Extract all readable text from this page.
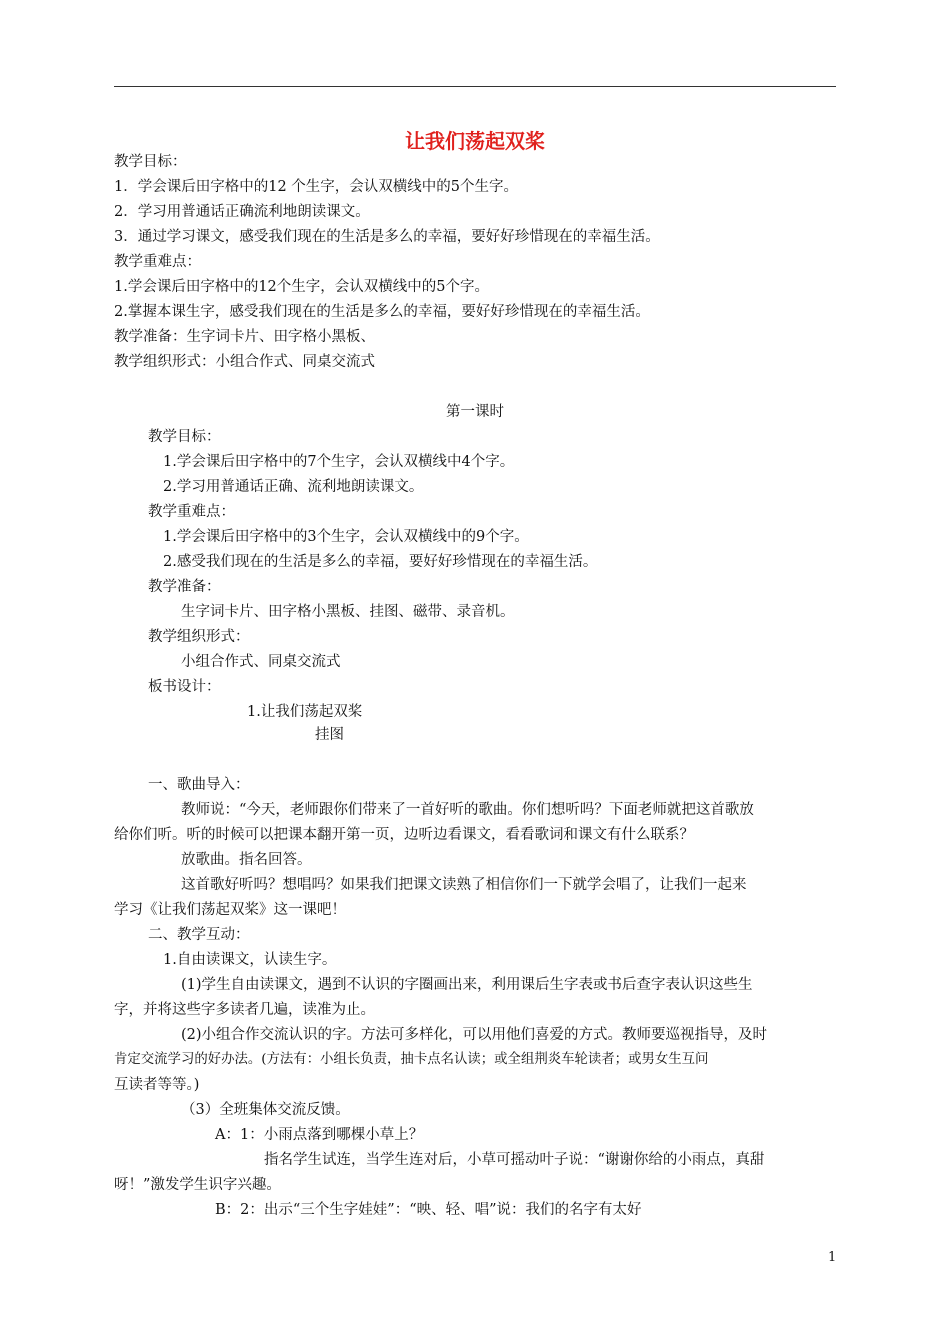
让我们荡起双桨
教学目标：
1．学会课后田字格中的12 个生字，会认双横线中的5个生字。
2．学习用普通话正确流利地朗读课文。
3．通过学习课文，感受我们现在的生活是多么的幸福，要好好珍惜现在的幸福生活。
教学重难点：
1.学会课后田字格中的12个生字，会认双横线中的5个字。
2.掌握本课生字，感受我们现在的生活是多么的幸福，要好好珍惜现在的幸福生活。
教学准备：生字词卡片、田字格小黑板、
教学组织形式：小组合作式、同桌交流式
第一课时
教学目标：
1.学会课后田字格中的7个生字，会认双横线中4个字。
2.学习用普通话正确、流利地朗读课文。
教学重难点：
1.学会课后田字格中的3个生字，会认双横线中的9个字。
2.感受我们现在的生活是多么的幸福，要好好珍惜现在的幸福生活。
教学准备：
生字词卡片、田字格小黑板、挂图、磁带、录音机。
教学组织形式：
小组合作式、同桌交流式
板书设计：
1.让我们荡起双桨
挂图
一、歌曲导入：
教师说：“今天，老师跟你们带来了一首好听的歌曲。你们想听吗？下面老师就把这首歌放
给你们听。听的时候可以把课本翻开第一页，边听边看课文，看看歌词和课文有什么联系？
放歌曲。指名回答。
这首歌好听吗？想唱吗？如果我们把课文读熟了相信你们一下就学会唱了，让我们一起来
学习《让我们荡起双桨》这一课吧！
二、教学互动：
1.自由读课文，认读生字。
(1)学生自由读课文，遇到不认识的字圈画出来，利用课后生字表或书后查字表认识这些生
字，并将这些字多读者几遍，读准为止。
(2)小组合作交流认识的字。方法可多样化，可以用他们喜爱的方式。教师要巡视指导，及时
肯定交流学习的好办法。(方法有：小组长负责，抽卡点名认读；或全组荆炎车轮读者；或男女生互问
互读者等等。)
（3）全班集体交流反馈。
A：1：小雨点落到哪棵小草上？
指名学生试连，当学生连对后，小草可摇动叶子说：“谢谢你给的小雨点，真甜
呀！”激发学生识字兴趣。
B：2：出示“三个生字娃娃”：“映、轻、唱”说：我们的名字有太好
1
